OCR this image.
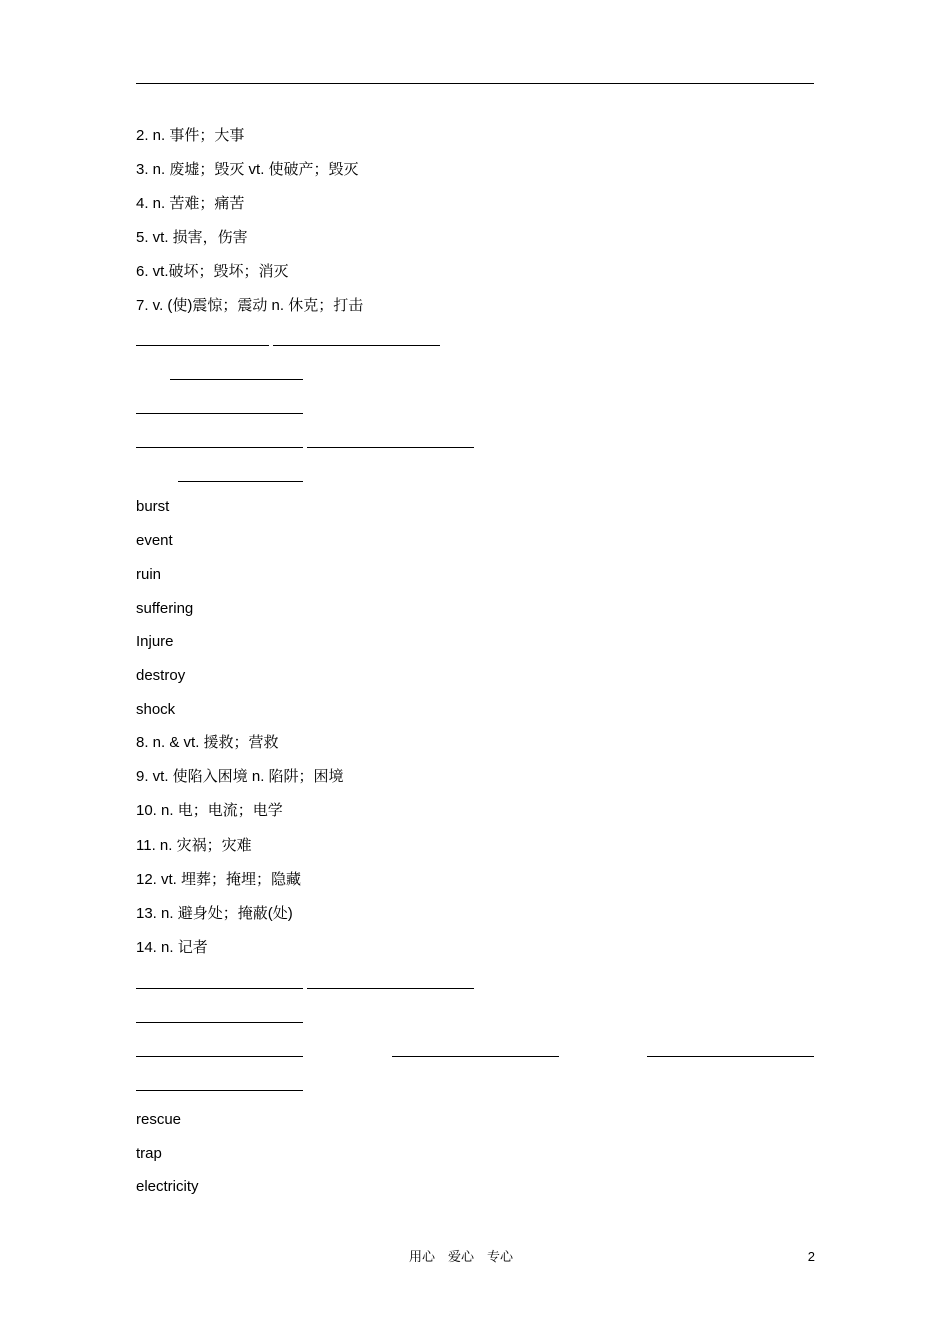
2. n. 事件；大事
3. n. 废墟；毁灭 vt. 使破产；毁灭
4. n. 苦难；痛苦
5. vt. 损害，伤害
6. vt.破坏；毁坏；消灭
7. v. (使)震惊；震动 n. 休克；打击
burst
event
ruin
suffering
Injure
destroy
shock
8. n. & vt. 援救；营救
9. vt. 使陷入困境 n. 陷阱；困境
10. n. 电；电流；电学
11. n. 灾祸；灾难
12. vt. 埋葬；掩埋；隐藏
13. n. 避身处；掩蔽(处)
14. n. 记者
rescue
trap
electricity
用心　爱心　专心	2
